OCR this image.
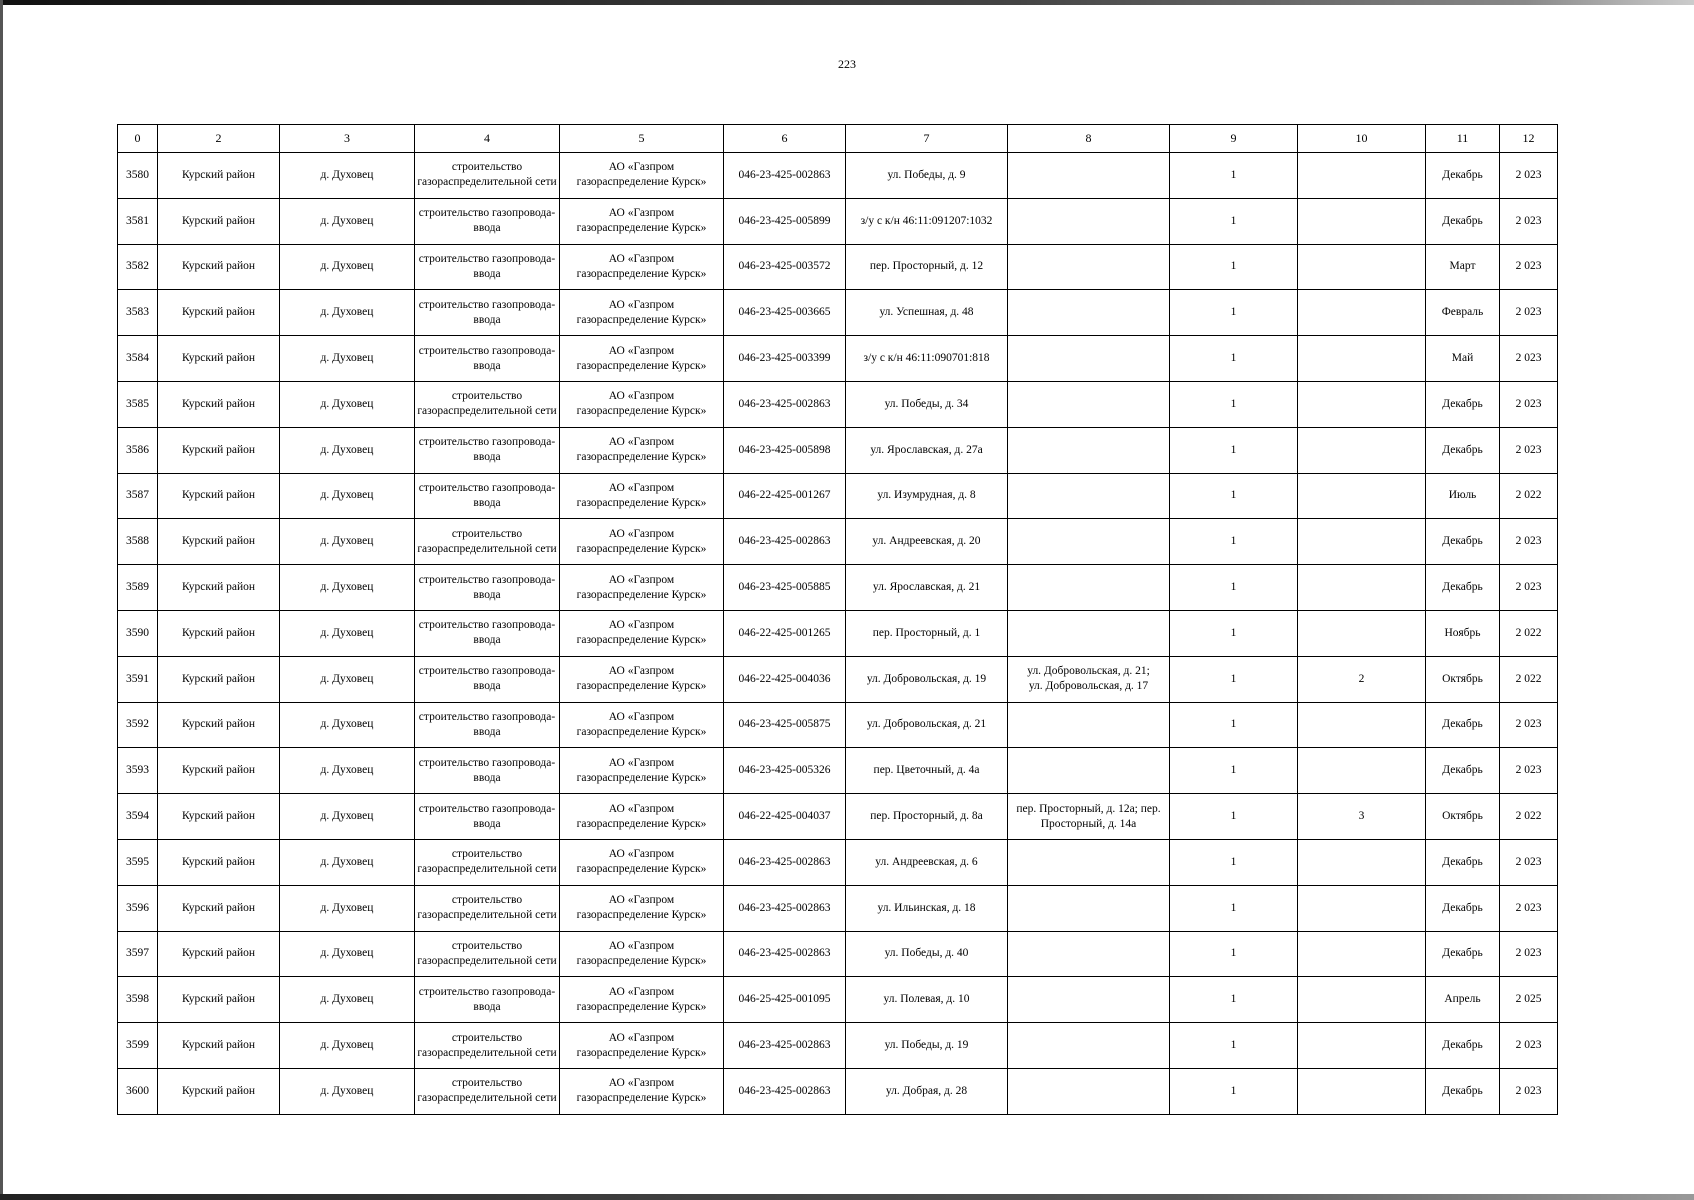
223
0	2	3	4	5	6	7	8	9	10	11	12
3580	Курский район	д. Духовец	строительство газораспределительной сети	АО «Газпром газораспределение Курск»	046-23-425-002863	ул. Победы, д. 9		1		Декабрь	2 023
3581	Курский район	д. Духовец	строительство газопровода-ввода	АО «Газпром газораспределение Курск»	046-23-425-005899	з/у с к/н 46:11:091207:1032		1		Декабрь	2 023
3582	Курский район	д. Духовец	строительство газопровода-ввода	АО «Газпром газораспределение Курск»	046-23-425-003572	пер. Просторный, д. 12		1		Март	2 023
3583	Курский район	д. Духовец	строительство газопровода-ввода	АО «Газпром газораспределение Курск»	046-23-425-003665	ул. Успешная, д. 48		1		Февраль	2 023
3584	Курский район	д. Духовец	строительство газопровода-ввода	АО «Газпром газораспределение Курск»	046-23-425-003399	з/у с к/н 46:11:090701:818		1		Май	2 023
3585	Курский район	д. Духовец	строительство газораспределительной сети	АО «Газпром газораспределение Курск»	046-23-425-002863	ул. Победы, д. 34		1		Декабрь	2 023
3586	Курский район	д. Духовец	строительство газопровода-ввода	АО «Газпром газораспределение Курск»	046-23-425-005898	ул. Ярославская, д. 27а		1		Декабрь	2 023
3587	Курский район	д. Духовец	строительство газопровода-ввода	АО «Газпром газораспределение Курск»	046-22-425-001267	ул. Изумрудная, д. 8		1		Июль	2 022
3588	Курский район	д. Духовец	строительство газораспределительной сети	АО «Газпром газораспределение Курск»	046-23-425-002863	ул. Андреевская, д. 20		1		Декабрь	2 023
3589	Курский район	д. Духовец	строительство газопровода-ввода	АО «Газпром газораспределение Курск»	046-23-425-005885	ул. Ярославская, д. 21		1		Декабрь	2 023
3590	Курский район	д. Духовец	строительство газопровода-ввода	АО «Газпром газораспределение Курск»	046-22-425-001265	пер. Просторный, д. 1		1		Ноябрь	2 022
3591	Курский район	д. Духовец	строительство газопровода-ввода	АО «Газпром газораспределение Курск»	046-22-425-004036	ул. Добровольская, д. 19	ул. Добровольская, д. 21;
ул. Добровольская, д. 17	1	2	Октябрь	2 022
3592	Курский район	д. Духовец	строительство газопровода-ввода	АО «Газпром газораспределение Курск»	046-23-425-005875	ул. Добровольская, д. 21		1		Декабрь	2 023
3593	Курский район	д. Духовец	строительство газопровода-ввода	АО «Газпром газораспределение Курск»	046-23-425-005326	пер. Цветочный, д. 4а		1		Декабрь	2 023
3594	Курский район	д. Духовец	строительство газопровода-ввода	АО «Газпром газораспределение Курск»	046-22-425-004037	пер. Просторный, д. 8а	пер. Просторный, д. 12а; пер.
Просторный, д. 14а	1	3	Октябрь	2 022
3595	Курский район	д. Духовец	строительство газораспределительной сети	АО «Газпром газораспределение Курск»	046-23-425-002863	ул. Андреевская, д. 6		1		Декабрь	2 023
3596	Курский район	д. Духовец	строительство газораспределительной сети	АО «Газпром газораспределение Курск»	046-23-425-002863	ул. Ильинская, д. 18		1		Декабрь	2 023
3597	Курский район	д. Духовец	строительство газораспределительной сети	АО «Газпром газораспределение Курск»	046-23-425-002863	ул. Победы, д. 40		1		Декабрь	2 023
3598	Курский район	д. Духовец	строительство газопровода-ввода	АО «Газпром газораспределение Курск»	046-25-425-001095	ул. Полевая, д. 10		1		Апрель	2 025
3599	Курский район	д. Духовец	строительство газораспределительной сети	АО «Газпром газораспределение Курск»	046-23-425-002863	ул. Победы, д. 19		1		Декабрь	2 023
3600	Курский район	д. Духовец	строительство газораспределительной сети	АО «Газпром газораспределение Курск»	046-23-425-002863	ул. Добрая, д. 28		1		Декабрь	2 023
